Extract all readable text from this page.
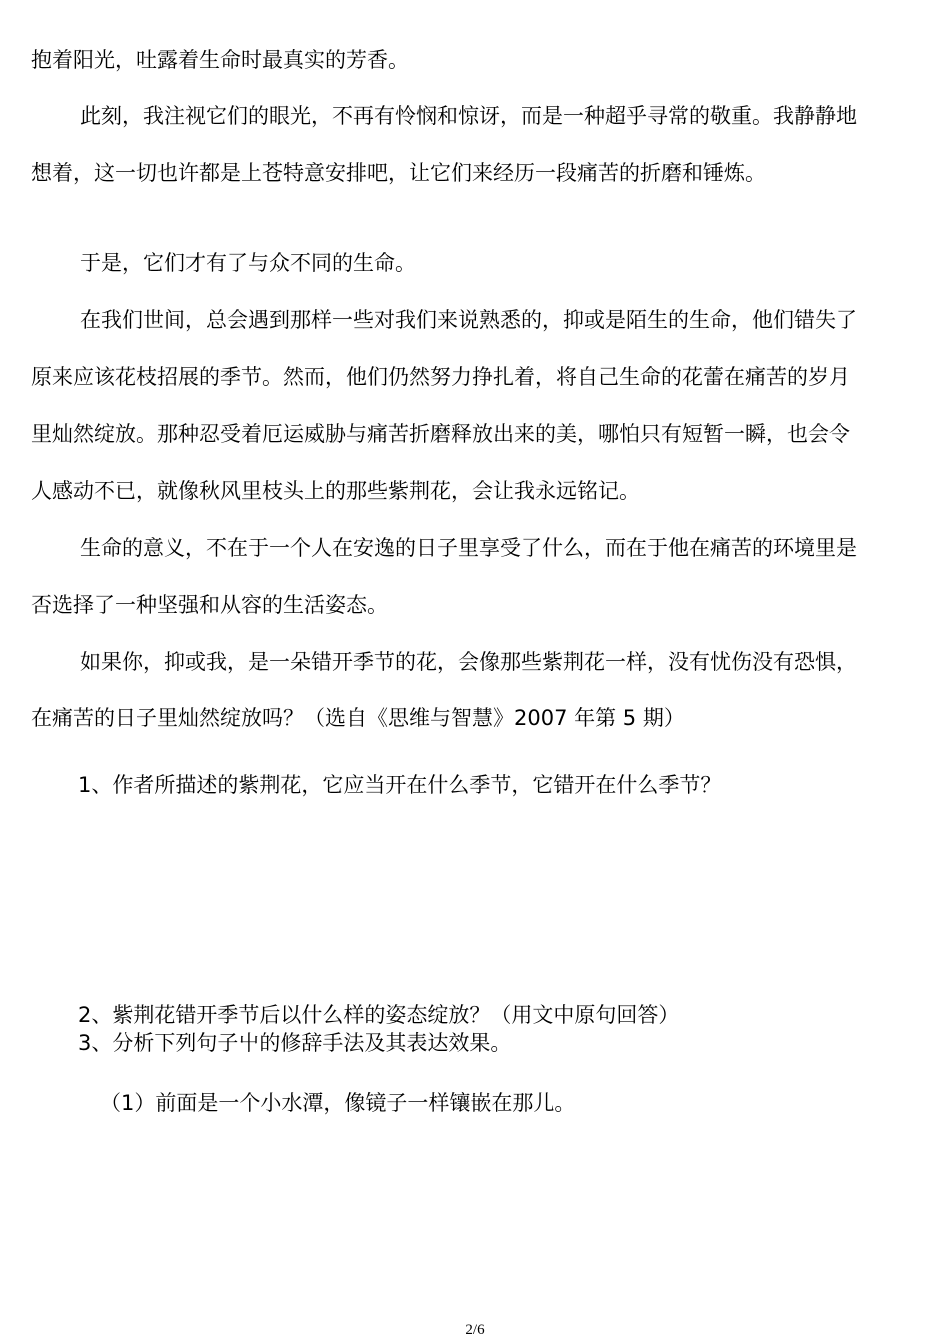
抱着阳光，吐露着生命时最真实的芳香。
此刻，我注视它们的眼光，不再有怜悯和惊讶，而是一种超乎寻常的敬重。我静静地
想着，这一切也许都是上苍特意安排吧，让它们来经历一段痛苦的折磨和锤炼。
于是，它们才有了与众不同的生命。
在我们世间，总会遇到那样一些对我们来说熟悉的，抑或是陌生的生命，他们错失了
原来应该花枝招展的季节。然而，他们仍然努力挣扎着，将自己生命的花蕾在痛苦的岁月
里灿然绽放。那种忍受着厄运威胁与痛苦折磨释放出来的美，哪怕只有短暂一瞬，也会令
人感动不已，就像秋风里枝头上的那些紫荆花，会让我永远铭记。
生命的意义，不在于一个人在安逸的日子里享受了什么，而在于他在痛苦的环境里是
否选择了一种坚强和从容的生活姿态。
如果你，抑或我，是一朵错开季节的花，会像那些紫荆花一样，没有忧伤没有恐惧，
在痛苦的日子里灿然绽放吗？（选自《思维与智慧》2007 年第 5 期）
1、作者所描述的紫荆花，它应当开在什么季节，它错开在什么季节？
2、紫荆花错开季节后以什么样的姿态绽放？（用文中原句回答）
3、分析下列句子屮的修辞手法及其表达效果。
（1）前面是一个小水潭，像镜子一样镶嵌在那儿。
2/6
